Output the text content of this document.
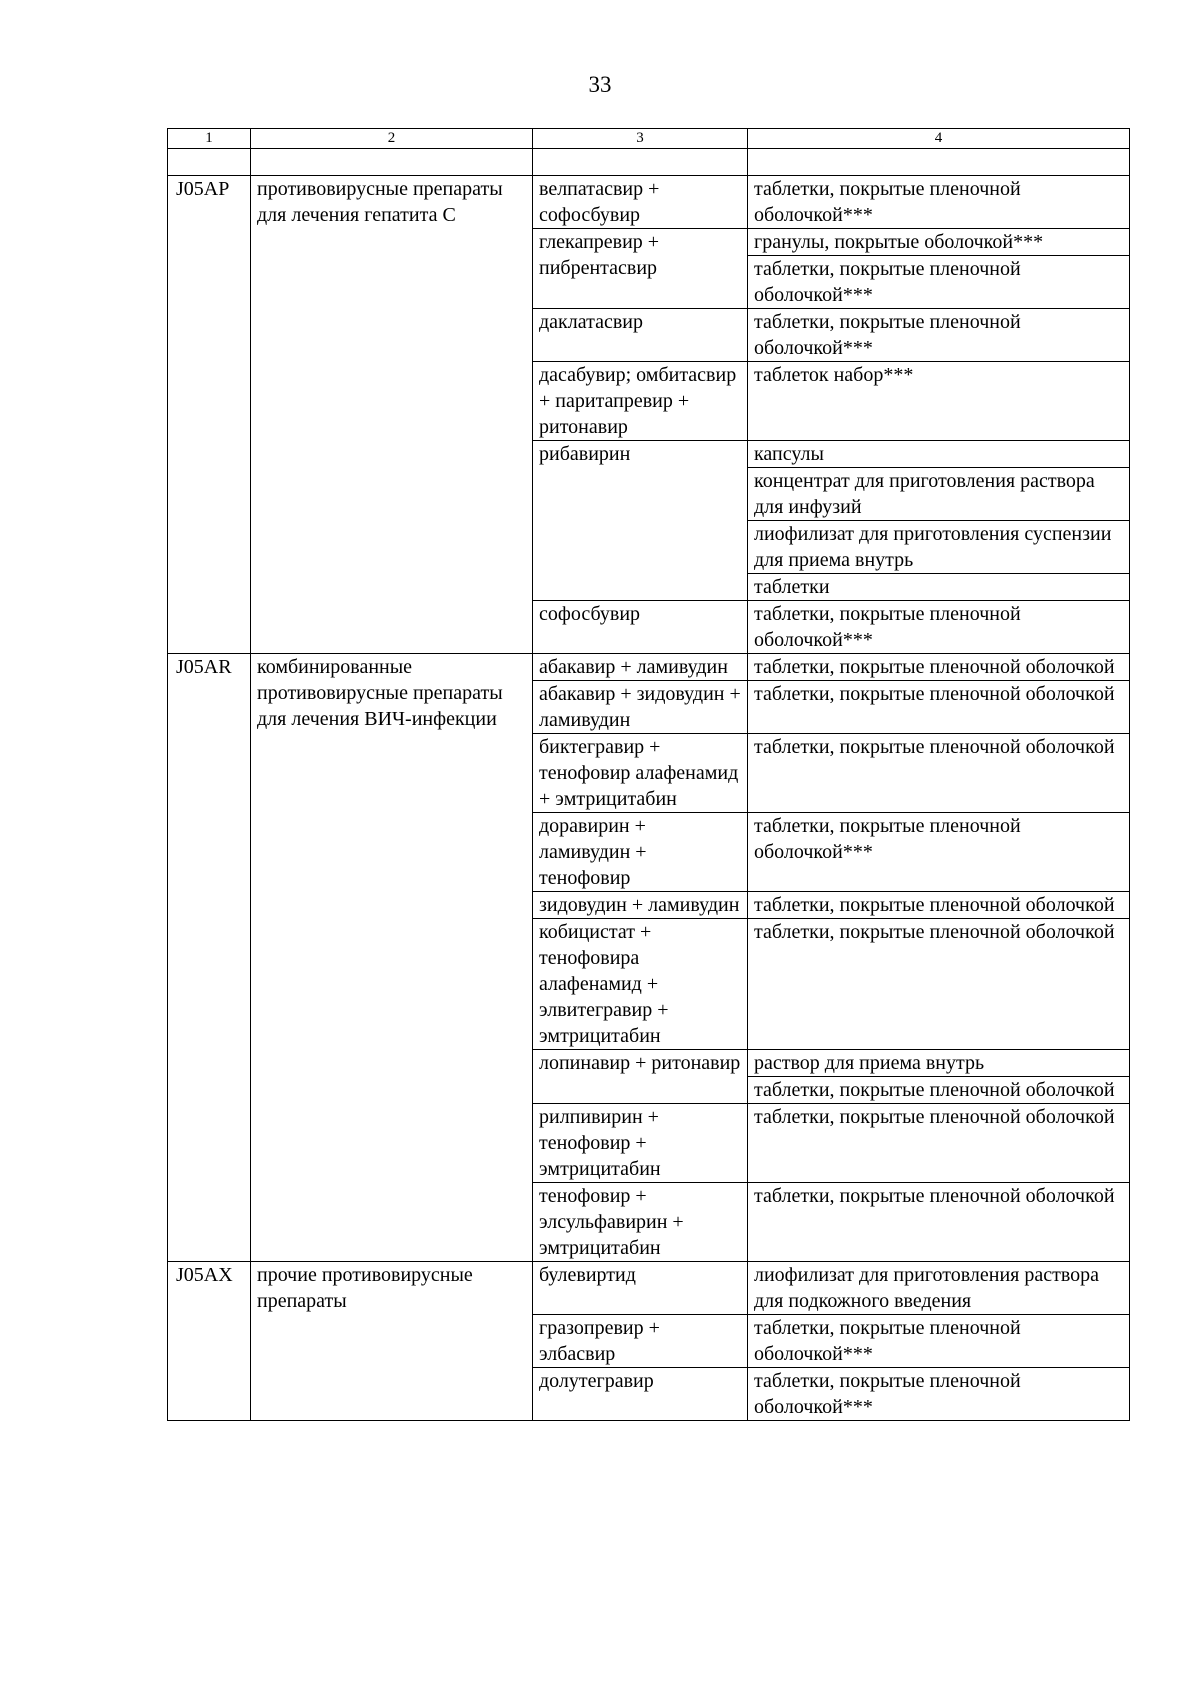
33
1	2	3	4

J05AP	противовирусные препараты для лечения гепатита С	велпатасвир + софосбувир	таблетки, покрытые пленочной оболочкой***
		глекапревир + пибрентасвир	гранулы, покрытые оболочкой***
			таблетки, покрытые пленочной оболочкой***
		даклатасвир	таблетки, покрытые пленочной оболочкой***
		дасабувир; омбитасвир + паритапревир + ритонавир	таблеток набор***
		рибавирин	капсулы
			концентрат для приготовления раствора для инфузий
			лиофилизат для приготовления суспензии для приема внутрь
			таблетки
		софосбувир	таблетки, покрытые пленочной оболочкой***
J05AR	комбинированные противовирусные препараты для лечения ВИЧ-инфекции	абакавир + ламивудин	таблетки, покрытые пленочной оболочкой
		абакавир + зидовудин + ламивудин	таблетки, покрытые пленочной оболочкой
		биктегравир + тенофовир алафенамид + эмтрицитабин	таблетки, покрытые пленочной оболочкой
		доравирин + ламивудин + тенофовир	таблетки, покрытые пленочной оболочкой***
		зидовудин + ламивудин	таблетки, покрытые пленочной оболочкой
		кобицистат + тенофовира алафенамид + элвитегравир + эмтрицитабин	таблетки, покрытые пленочной оболочкой
		лопинавир + ритонавир	раствор для приема внутрь
			таблетки, покрытые пленочной оболочкой
		рилпивирин + тенофовир + эмтрицитабин	таблетки, покрытые пленочной оболочкой
		тенофовир + элсульфавирин + эмтрицитабин	таблетки, покрытые пленочной оболочкой
J05AX	прочие противовирусные препараты	булевиртид	лиофилизат для приготовления раствора для подкожного введения
		гразопревир + элбасвир	таблетки, покрытые пленочной оболочкой***
		долутегравир	таблетки, покрытые пленочной оболочкой***
